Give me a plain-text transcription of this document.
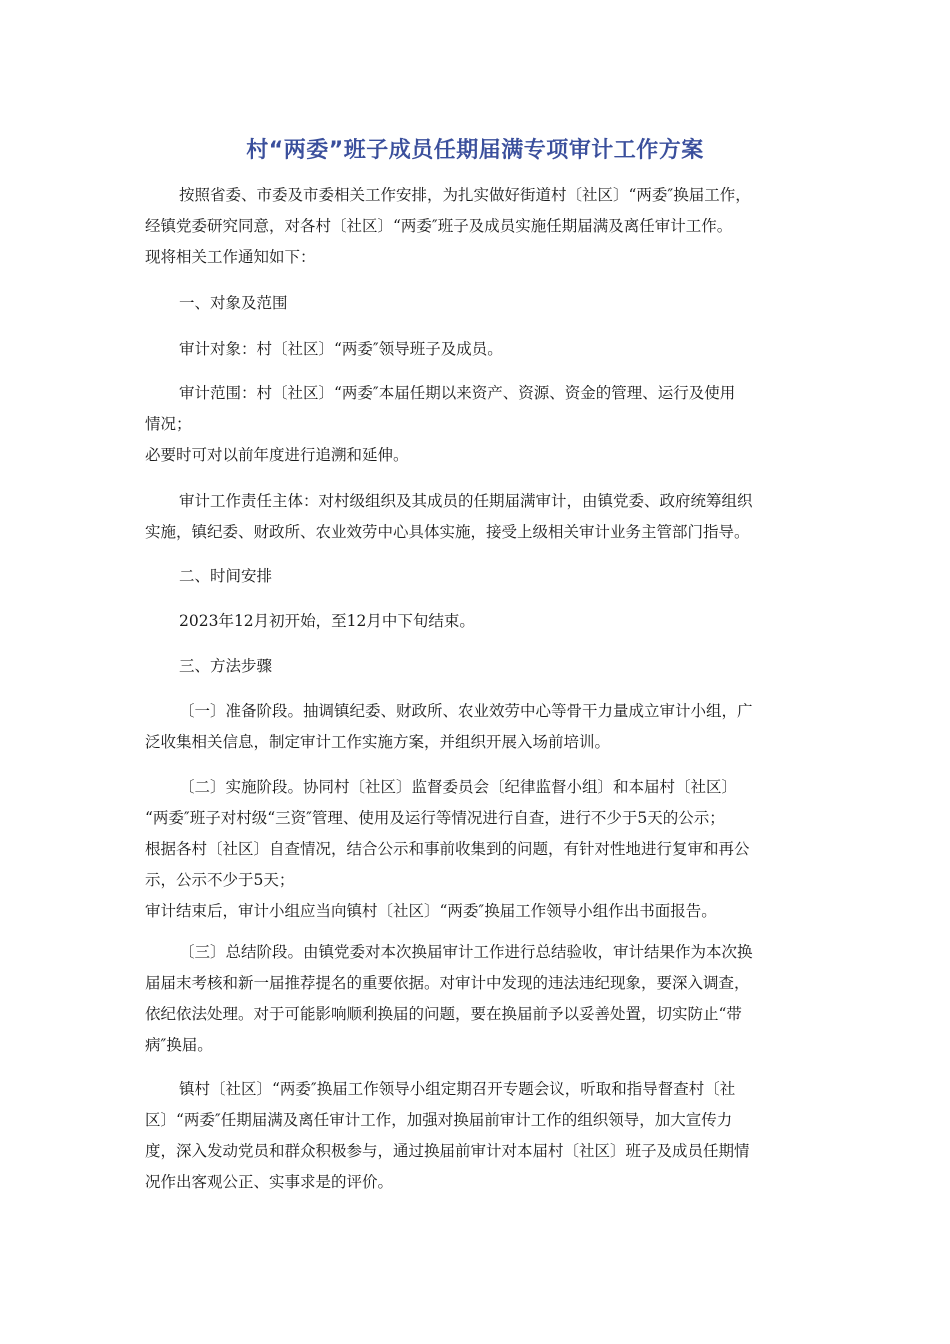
村“两委”班子成员任期届满专项审计工作方案

按照省委、市委及市委相关工作安排，为扎实做好街道村〔社区〕“两委″换届工作，
经镇党委研究同意，对各村〔社区〕“两委″班子及成员实施任期届满及离任审计工作。
现将相关工作通知如下：

一、对象及范围

审计对象：村〔社区〕“两委″领导班子及成员。

审计范围：村〔社区〕“两委″本届任期以来资产、资源、资金的管理、运行及使用
情况；
必要时可对以前年度进行追溯和延伸。

审计工作责任主体：对村级组织及其成员的任期届满审计，由镇党委、政府统筹组织
实施，镇纪委、财政所、农业效劳中心具体实施，接受上级相关审计业务主管部门指导。

二、时间安排

2023年12月初开始，至12月中下旬结束。

三、方法步骤

〔一〕准备阶段。抽调镇纪委、财政所、农业效劳中心等骨干力量成立审计小组，广
泛收集相关信息，制定审计工作实施方案，并组织开展入场前培训。

〔二〕实施阶段。协同村〔社区〕监督委员会〔纪律监督小组〕和本届村〔社区〕
“两委″班子对村级“三资″管理、使用及运行等情况进行自查，进行不少于5天的公示；
根据各村〔社区〕自查情况，结合公示和事前收集到的问题，有针对性地进行复审和再公
示，公示不少于5天；
审计结束后，审计小组应当向镇村〔社区〕“两委″换届工作领导小组作出书面报告。

〔三〕总结阶段。由镇党委对本次换届审计工作进行总结验收，审计结果作为本次换
届届末考核和新一届推荐提名的重要依据。对审计中发现的违法违纪现象，要深入调查，
依纪依法处理。对于可能影响顺利换届的问题，要在换届前予以妥善处置，切实防止“带
病″换届。

镇村〔社区〕“两委″换届工作领导小组定期召开专题会议，听取和指导督查村〔社
区〕“两委″任期届满及离任审计工作，加强对换届前审计工作的组织领导，加大宣传力
度，深入发动党员和群众积极参与，通过换届前审计对本届村〔社区〕班子及成员任期情
况作出客观公正、实事求是的评价。
